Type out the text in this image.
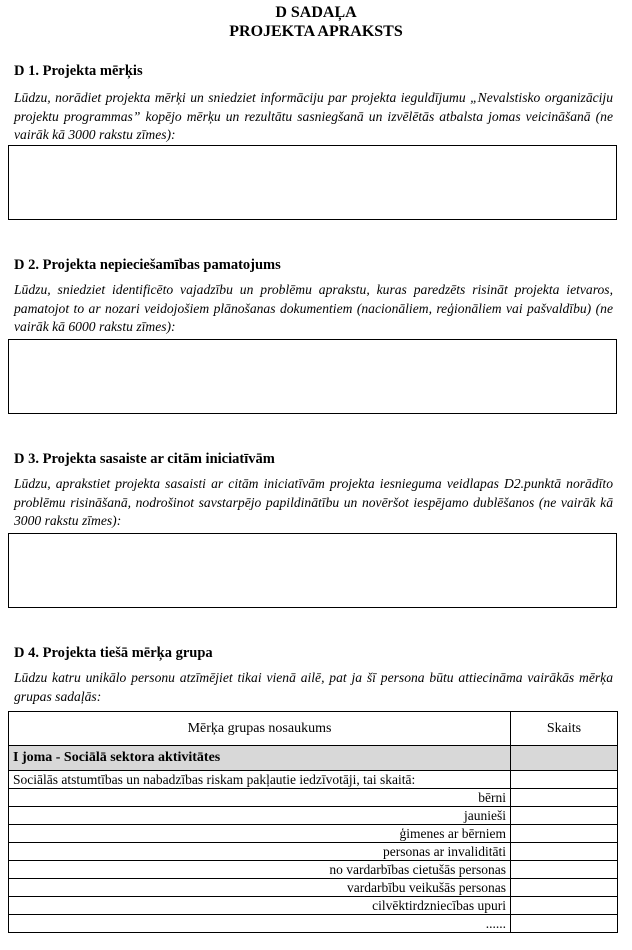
D SADAĻA
PROJEKTA APRAKSTS
D 1. Projekta mērķis
Lūdzu, norādiet projekta mērķi un sniedziet informāciju par projekta ieguldījumu „Nevalstisko organizāciju projektu programmas” kopējo mērķu un rezultātu sasniegšanā un izvēlētās atbalsta jomas veicināšanā (ne vairāk kā 3000 rakstu zīmes):
D 2. Projekta nepieciešamības pamatojums
Lūdzu, sniedziet identificēto vajadzību un problēmu aprakstu, kuras paredzēts risināt projekta ietvaros, pamatojot to ar nozari veidojošiem plānošanas dokumentiem (nacionāliem, reģionāliem vai pašvaldību) (ne vairāk kā 6000 rakstu zīmes):
D 3. Projekta sasaiste ar citām iniciatīvām
Lūdzu, aprakstiet projekta sasaisti ar citām iniciatīvām projekta iesnieguma veidlapas D2.punktā norādīto problēmu risināšanā, nodrošinot savstarpējo papildinātību un novēršot iespējamo dublēšanos (ne vairāk kā 3000 rakstu zīmes):
D 4. Projekta tiešā mērķa grupa
Lūdzu katru unikālo personu atzīmējiet tikai vienā ailē, pat ja šī persona būtu attiecināma vairākās mērķa grupas sadaļās:
Mērķa grupas nosaukums	Skaits
I joma - Sociālā sektora aktivitātes	
Sociālās atstumtības un nabadzības riskam pakļautie iedzīvotāji, tai skaitā:	
bērni	
jaunieši	
ģimenes ar bērniem	
personas ar invaliditāti	
no vardarbības cietušās personas	
vardarbību veikušās personas	
cilvēktirdzniecības upuri	
......	
